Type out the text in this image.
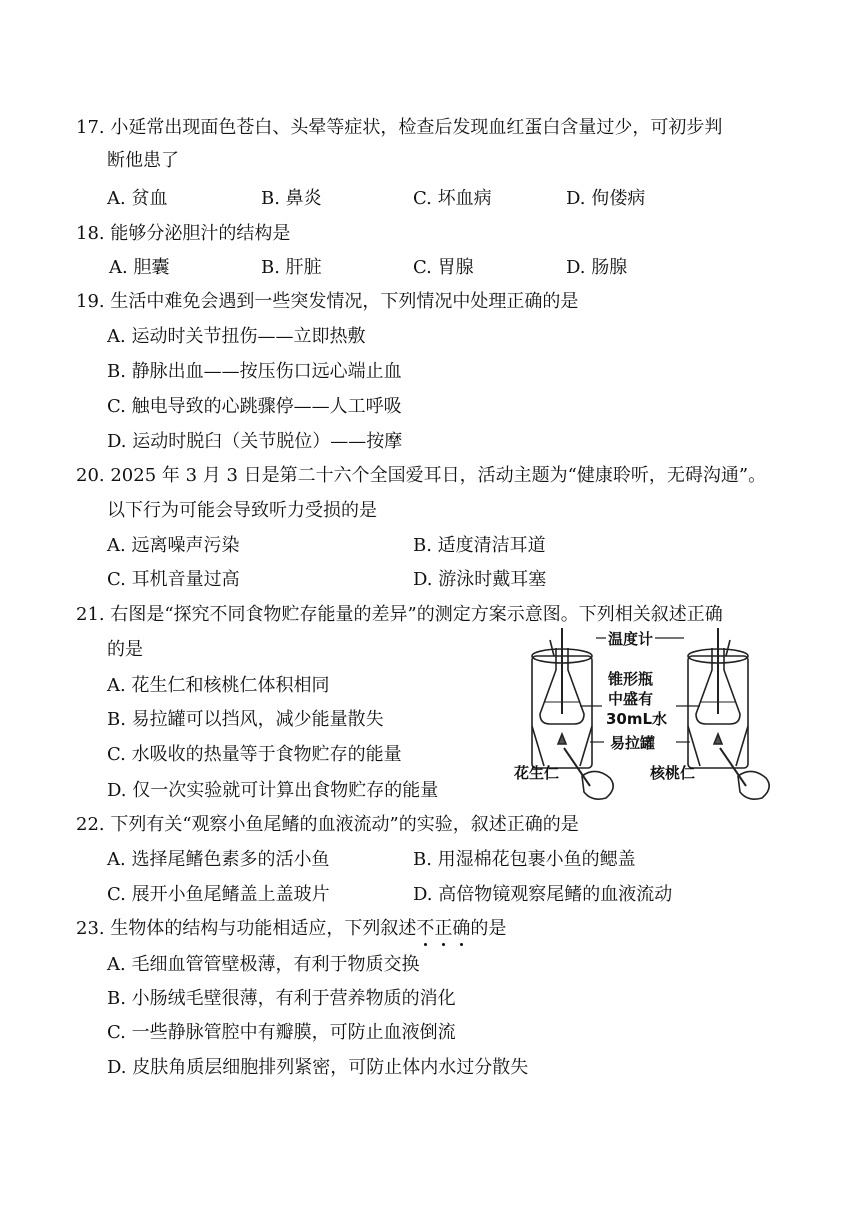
17. 小延常出现面色苍白、头晕等症状，检查后发现血红蛋白含量过少，可初步判
断他患了
A. 贫血	B. 鼻炎	C. 坏血病	D. 佝偻病
18. 能够分泌胆汁的结构是
A. 胆囊	B. 肝脏	C. 胃腺	D. 肠腺
19. 生活中难免会遇到一些突发情况，下列情况中处理正确的是
A. 运动时关节扭伤——立即热敷
B. 静脉出血——按压伤口远心端止血
C. 触电导致的心跳骤停——人工呼吸
D. 运动时脱臼（关节脱位）——按摩
20. 2025 年 3 月 3 日是第二十六个全国爱耳日，活动主题为“健康聆听，无碍沟通”。
以下行为可能会导致听力受损的是
A. 远离噪声污染	B. 适度清洁耳道
C. 耳机音量过高	D. 游泳时戴耳塞
21. 右图是“探究不同食物贮存能量的差异”的测定方案示意图。下列相关叙述正确
的是
A. 花生仁和核桃仁体积相同
B. 易拉罐可以挡风，减少能量散失
C. 水吸收的热量等于食物贮存的能量
D. 仅一次实验就可计算出食物贮存的能量
温度计
锥形瓶
中盛有
30mL水
易拉罐
花生仁	核桃仁
22. 下列有关“观察小鱼尾鳍的血液流动”的实验，叙述正确的是
A. 选择尾鳍色素多的活小鱼	B. 用湿棉花包裹小鱼的鳃盖
C. 展开小鱼尾鳍盖上盖玻片	D. 高倍物镜观察尾鳍的血液流动
23. 生物体的结构与功能相适应，下列叙述不正确
的是
A. 毛细血管管壁极薄，有利于物质交换
B. 小肠绒毛壁很薄，有利于营养物质的消化
C. 一些静脉管腔中有瓣膜，可防止血液倒流
D. 皮肤角质层细胞排列紧密，可防止体内水过分散失
